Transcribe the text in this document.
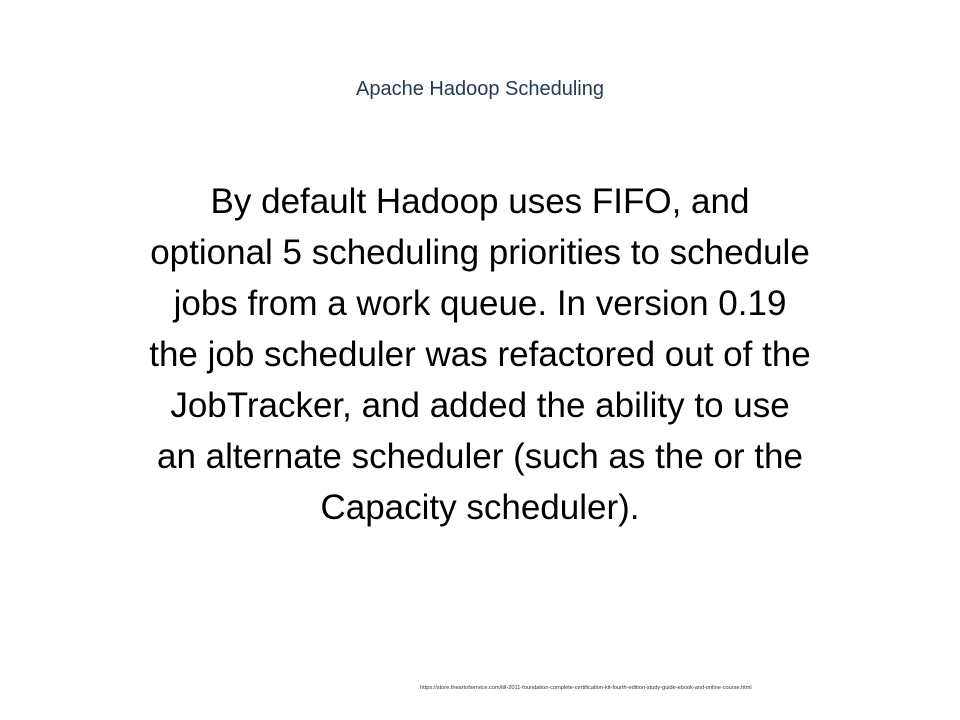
Apache Hadoop Scheduling
By default Hadoop uses FIFO, and
optional 5 scheduling priorities to schedule
jobs from a work queue. In version 0.19
the job scheduler was refactored out of the
JobTracker, and added the ability to use
an alternate scheduler (such as the or the
Capacity scheduler).
https://store.theartofservice.com/itil-2011-foundation-complete-certification-kit-fourth-edition-study-guide-ebook-and-online-course.html
